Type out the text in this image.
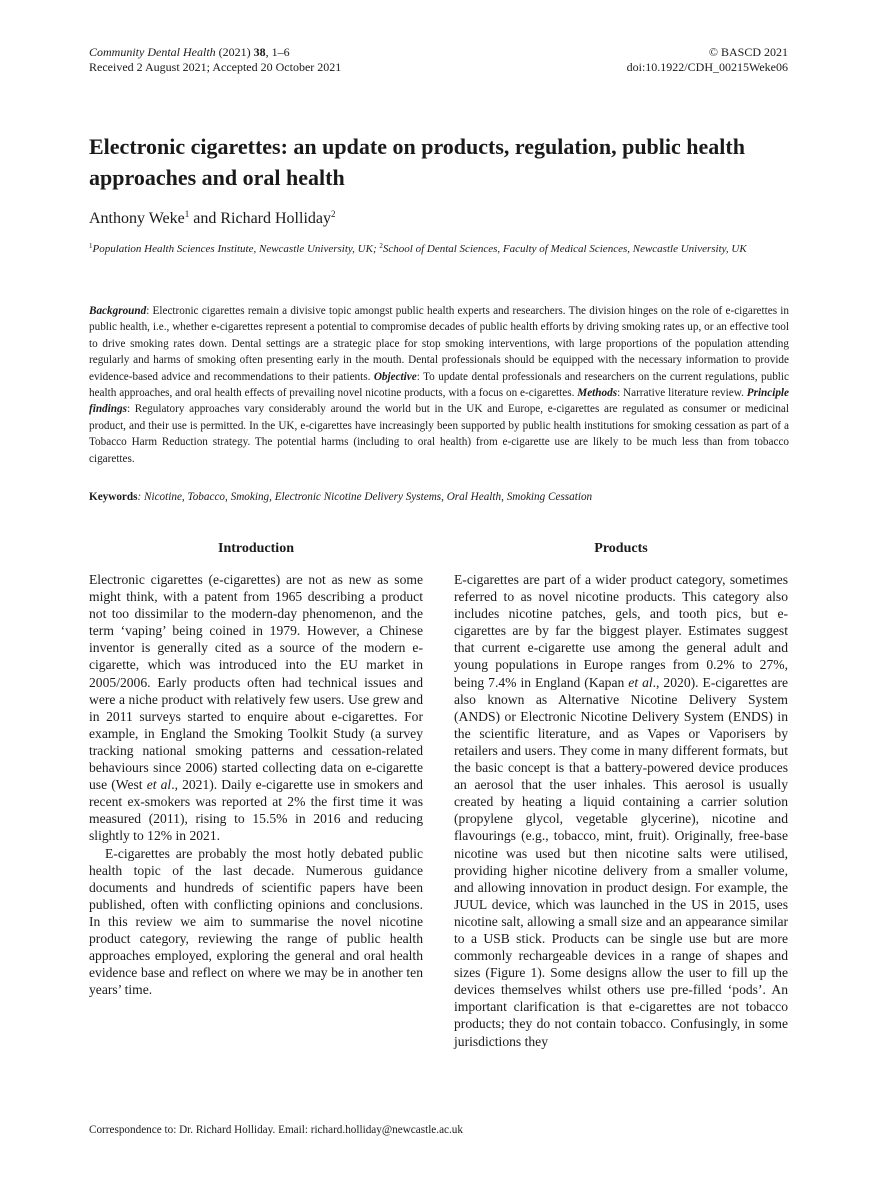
Community Dental Health (2021) 38, 1–6
Received 2 August 2021; Accepted 20 October 2021
© BASCD 2021
doi:10.1922/CDH_00215Weke06
Electronic cigarettes: an update on products, regulation, public health approaches and oral health
Anthony Weke$^1$ and Richard Holliday$^2$
$^1$Population Health Sciences Institute, Newcastle University, UK; $^2$School of Dental Sciences, Faculty of Medical Sciences, Newcastle University, UK
Background: Electronic cigarettes remain a divisive topic amongst public health experts and researchers. The division hinges on the role of e-cigarettes in public health, i.e., whether e-cigarettes represent a potential to compromise decades of public health efforts by driving smoking rates up, or an effective tool to drive smoking rates down. Dental settings are a strategic place for stop smoking interventions, with large proportions of the population attending regularly and harms of smoking often presenting early in the mouth. Dental professionals should be equipped with the necessary information to provide evidence-based advice and recommendations to their patients. Objective: To update dental professionals and researchers on the current regulations, public health approaches, and oral health effects of prevailing novel nicotine products, with a focus on e-cigarettes. Methods: Narrative literature review. Principle findings: Regulatory approaches vary considerably around the world but in the UK and Europe, e-cigarettes are regulated as consumer or medicinal product, and their use is permitted. In the UK, e-cigarettes have increasingly been supported by public health institutions for smoking cessation as part of a Tobacco Harm Reduction strategy. The potential harms (including to oral health) from e-cigarette use are likely to be much less than from tobacco cigarettes.
Keywords: Nicotine, Tobacco, Smoking, Electronic Nicotine Delivery Systems, Oral Health, Smoking Cessation
Introduction	Products

Electronic cigarettes (e-cigarettes) are not as new as some might think, with a patent from 1965 describing a product not too dissimilar to the modern-day phenomenon, and the term ‘vaping’ being coined in 1979. However, a Chinese inventor is generally cited as a source of the modern e-cigarette, which was introduced into the EU market in 2005/2006. Early products often had technical issues and were a niche product with relatively few users. Use grew and in 2011 surveys started to enquire about e-cigarettes. For example, in England the Smoking Toolkit Study (a survey tracking national smoking patterns and cessation-related behaviours since 2006) started collecting data on e-cigarette use (West et al., 2021). Daily e-cigarette use in smokers and recent ex-smokers was reported at 2% the first time it was measured (2011), rising to 15.5% in 2016 and reducing slightly to 12% in 2021.

E-cigarettes are probably the most hotly debated public health topic of the last decade. Numerous guidance documents and hundreds of scientific papers have been published, often with conflicting opinions and conclusions. In this review we aim to summarise the novel nicotine product category, reviewing the range of public health approaches employed, exploring the general and oral health evidence base and reflect on where we may be in another ten years’ time.

E-cigarettes are part of a wider product category, sometimes referred to as novel nicotine products. This category also includes nicotine patches, gels, and tooth pics, but e-cigarettes are by far the biggest player. Estimates suggest that current e-cigarette use among the general adult and young populations in Europe ranges from 0.2% to 27%, being 7.4% in England (Kapan et al., 2020). E-cigarettes are also known as Alternative Nicotine Delivery System (ANDS) or Electronic Nicotine Delivery System (ENDS) in the scientific literature, and as Vapes or Vaporisers by retailers and users. They come in many different formats, but the basic concept is that a battery-powered device produces an aerosol that the user inhales. This aerosol is usually created by heating a liquid containing a carrier solution (propylene glycol, vegetable glycerine), nicotine and flavourings (e.g., tobacco, mint, fruit). Originally, free-base nicotine was used but then nicotine salts were utilised, providing higher nicotine delivery from a smaller volume, and allowing innovation in product design. For example, the JUUL device, which was launched in the US in 2015, uses nicotine salt, allowing a small size and an appearance similar to a USB stick. Products can be single use but are more commonly rechargeable devices in a range of shapes and sizes (Figure 1). Some designs allow the user to fill up the devices themselves whilst others use pre-filled ‘pods’. An important clarification is that e-cigarettes are not tobacco products; they do not contain tobacco. Confusingly, in some jurisdictions they

Correspondence to: Dr. Richard Holliday. Email: richard.holliday@newcastle.ac.uk
